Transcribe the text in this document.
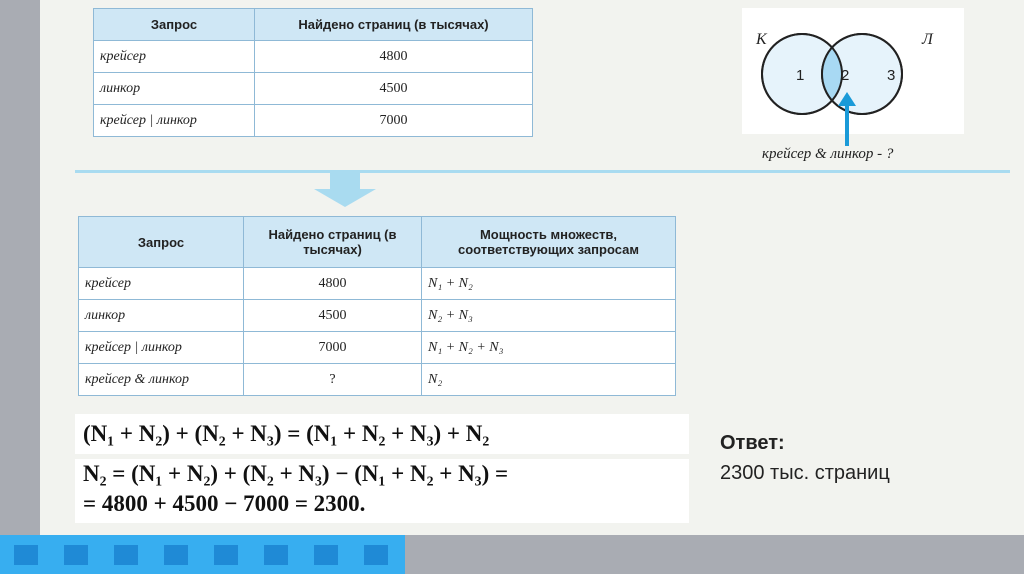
Запрос	Найдено страниц (в тысячах)
крейсер	4800
линкор	4500
крейсер | линкор	7000
К	Л
1 2	3
крейсер & линкор - ?
Запрос	Найдено страниц (в тысячах)	Мощность множеств, соответствующих запросам
крейсер	4800	N₁ + N₂
линкор	4500	N₂ + N₃
крейсер | линкор	7000	N₁ + N₂ + N₃
крейсер & линкор	?	N₂
(N₁ + N₂) + (N₂ + N₃) = (N₁ + N₂ + N₃) + N₂
N₂ = (N₁ + N₂) + (N₂ + N₃) − (N₁ + N₂ + N₃) =
= 4800 + 4500 − 7000 = 2300.
Ответ:
2300 тыс. страниц
